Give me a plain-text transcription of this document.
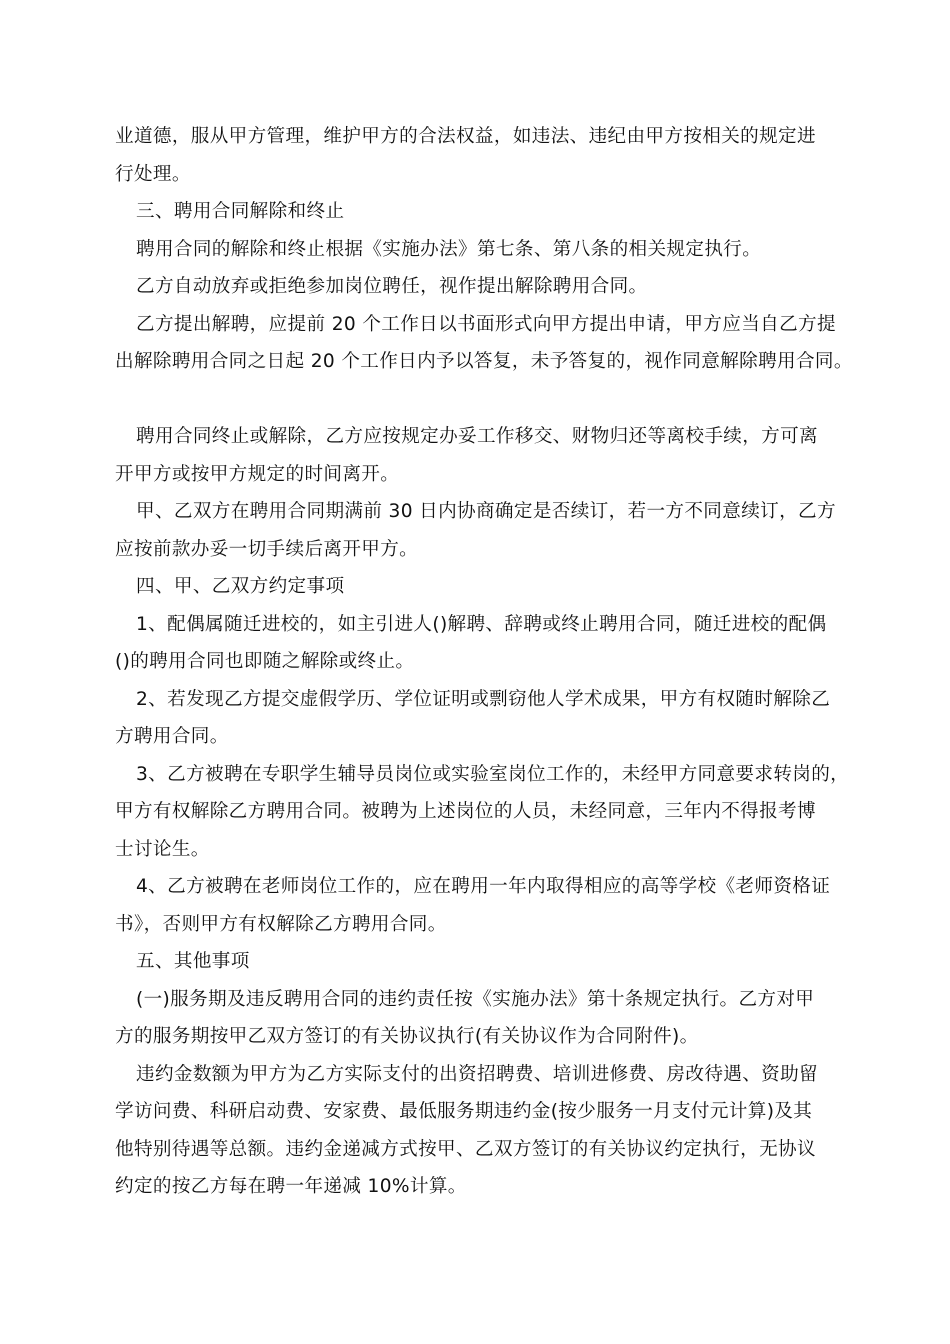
业道德，服从甲方管理，维护甲方的合法权益，如违法、违纪由甲方按相关的规定进

行处理。

三、聘用合同解除和终止

聘用合同的解除和终止根据《实施办法》第七条、第八条的相关规定执行。

乙方自动放弃或拒绝参加岗位聘任，视作提出解除聘用合同。

乙方提出解聘，应提前 20 个工作日以书面形式向甲方提出申请，甲方应当自乙方提

出解除聘用合同之日起 20 个工作日内予以答复，未予答复的，视作同意解除聘用合同。

聘用合同终止或解除，乙方应按规定办妥工作移交、财物归还等离校手续，方可离

开甲方或按甲方规定的时间离开。

甲、乙双方在聘用合同期满前 30 日内协商确定是否续订，若一方不同意续订，乙方

应按前款办妥一切手续后离开甲方。

四、甲、乙双方约定事项

1、配偶属随迁进校的，如主引进人()解聘、辞聘或终止聘用合同，随迁进校的配偶

()的聘用合同也即随之解除或终止。

2、若发现乙方提交虚假学历、学位证明或剽窃他人学术成果，甲方有权随时解除乙

方聘用合同。

3、乙方被聘在专职学生辅导员岗位或实验室岗位工作的，未经甲方同意要求转岗的，

甲方有权解除乙方聘用合同。被聘为上述岗位的人员，未经同意，三年内不得报考博

士讨论生。

4、乙方被聘在老师岗位工作的，应在聘用一年内取得相应的高等学校《老师资格证

书》，否则甲方有权解除乙方聘用合同。

五、其他事项

(一)服务期及违反聘用合同的违约责任按《实施办法》第十条规定执行。乙方对甲

方的服务期按甲乙双方签订的有关协议执行(有关协议作为合同附件)。

违约金数额为甲方为乙方实际支付的出资招聘费、培训进修费、房改待遇、资助留

学访问费、科研启动费、安家费、最低服务期违约金(按少服务一月支付元计算)及其

他特别待遇等总额。违约金递减方式按甲、乙双方签订的有关协议约定执行，无协议

约定的按乙方每在聘一年递减 10%计算。
